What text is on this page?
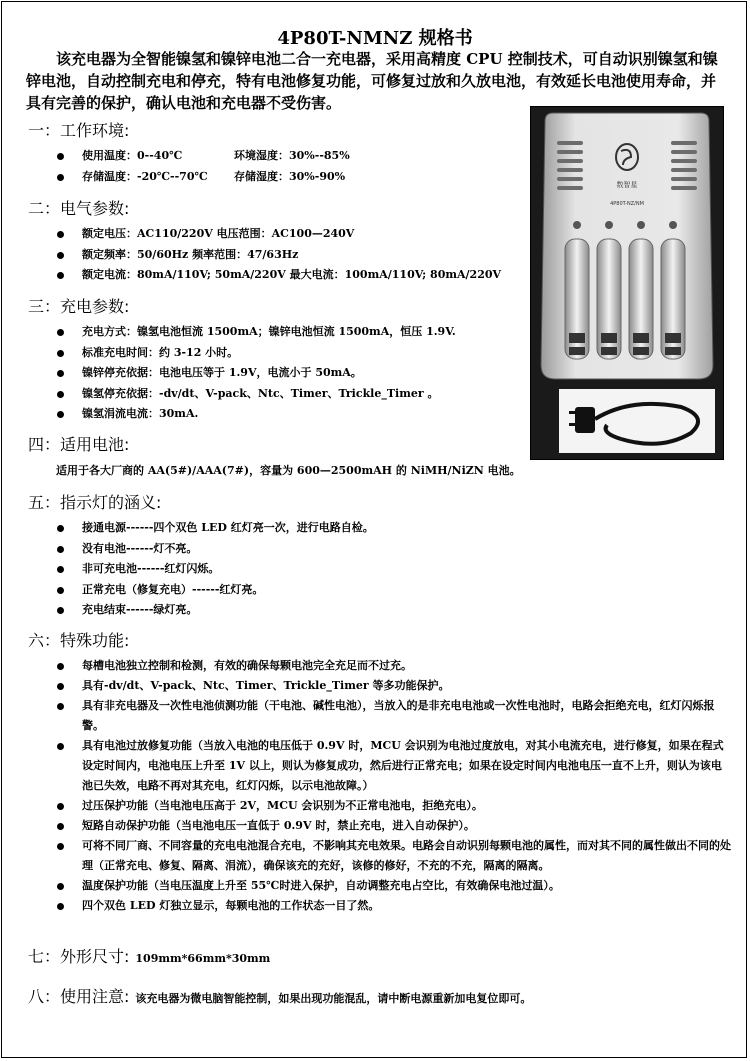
4P80T-NMNZ 规格书
该充电器为全智能镍氢和镍锌电池二合一充电器，采用高精度 CPU 控制技术，可自动识别镍氢和镍锌电池，自动控制充电和停充，特有电池修复功能，可修复过放和久放电池，有效延长电池使用寿命，并具有完善的保护，确认电池和充电器不受伤害。
一：工作环境:
使用温度：0--40℃	环境湿度：30%--85%
存储温度：-20℃--70℃ 存储湿度：30%-90%
二：电气参数:
额定电压：AC110/220V 电压范围：AC100—240V
额定频率：50/60Hz 频率范围：47/63Hz
额定电流：80mA/110V; 50mA/220V 最大电流：100mA/110V; 80mA/220V
三：充电参数:
充电方式：镍氢电池恒流 1500mA；镍锌电池恒流 1500mA，恒压 1.9V.
标准充电时间：约 3-12 小时。
镍锌停充依据：电池电压等于 1.9V，电流小于 50mA。
镍氢停充依据：-dv/dt、V-pack、Ntc、Timer、Trickle_Timer 。
镍氢涓流电流：30mA.
四：适用电池:
适用于各大厂商的 AA(5#)/AAA(7#)，容量为 600—2500mAH 的 NiMH/NiZN 电池。
五：指示灯的涵义:
接通电源------四个双色 LED 红灯亮一次，进行电路自检。
没有电池------灯不亮。
非可充电池------红灯闪烁。
正常充电（修复充电）------红灯亮。
充电结束------绿灯亮。
六：特殊功能:
每槽电池独立控制和检测，有效的确保每颗电池完全充足而不过充。
具有-dv/dt、V-pack、Ntc、Timer、Trickle_Timer 等多功能保护。
具有非充电器及一次性电池侦测功能（干电池、碱性电池），当放入的是非充电电池或一次性电池时，电路会拒绝充电，红灯闪烁报警。
具有电池过放修复功能（当放入电池的电压低于 0.9V 时，MCU 会识别为电池过度放电，对其小电流充电，进行修复，如果在程式设定时间内，电池电压上升至 1V 以上，则认为修复成功，然后进行正常充电；如果在设定时间内电池电压一直不上升，则认为该电池已失效，电路不再对其充电，红灯闪烁，以示电池故障。）
过压保护功能（当电池电压高于 2V，MCU 会识别为不正常电池电，拒绝充电）。
短路自动保护功能（当电池电压一直低于 0.9V 时，禁止充电，进入自动保护）。
可将不同厂商、不同容量的充电电池混合充电，不影响其充电效果。电路会自动识别每颗电池的属性，而对其不同的属性做出不同的处理（正常充电、修复、隔离、涓流），确保该充的充好，该修的修好，不充的不充，隔离的隔离。
温度保护功能（当电压温度上升至 55℃时进入保护，自动调整充电占空比，有效确保电池过温）。
四个双色 LED 灯独立显示，每颗电池的工作状态一目了然。
七：外形尺寸: 109mm*66mm*30mm
八：使用注意: 该充电器为微电脑智能控制，如果出现功能混乱，请中断电源重新加电复位即可。
数智星
4P80T-NZ/NM
